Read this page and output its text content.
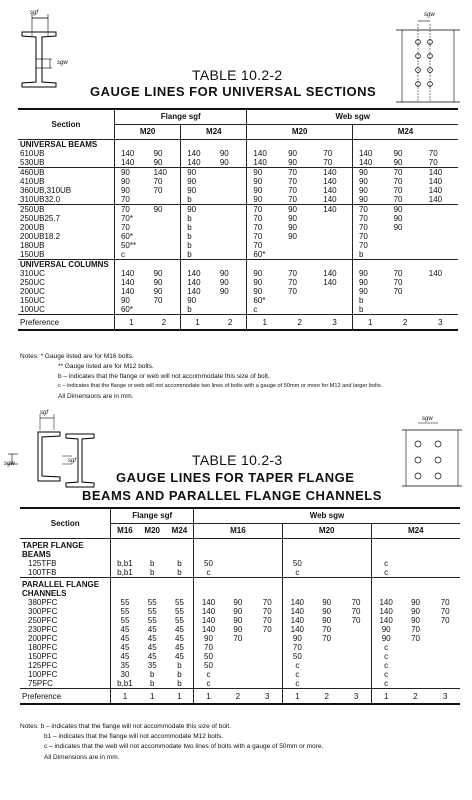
sgf
sgw
sgw
TABLE 10.2-2
GAUGE LINES FOR UNIVERSAL SECTIONS
Section	Flange sgf				Web sgw					
	M20		M24		M20			M24		
UNIVERSAL BEAMS										
610UB	140	90	140	90	140	90	70	140	90	70
530UB	140	90	140	90	140	90	70	140	90	70
460UB	90	140	90		90	70	140	90	70	140
410UB	90	70	90		90	70	140	90	70	140
360UB,310UB	90	70	90		90	70	140	90	70	140
310UB32.0	70		b		90	70	140	90	70	140
250UB	70	90	90		70	90	140	70	90	
250UB25.7	70*		b		70	90		70	90	
200UB	70		b		70	90		70	90	
200UB18.2	60*		b		70	90		70		
180UB	50**		b		70			70		
150UB	c		b		60*			b		
UNIVERSAL COLUMNS										
310UC	140	90	140	90	90	70	140	90	70	140
250UC	140	90	140	90	90	70	140	90	70	
200UC	140	90	140	90	90	70		90	70	
150UC	90	70	90		60*			b		
100UC	60*		b		c			b		
Preference	1	2	1	2	1	2	3	1	2	3
Notes: * Gauge listed are for M16 bolts.
** Gauge listed are for M12 bolts.
b – indicates that the flange or web will not accommodate this size of bolt.
c – indicates that the flange or web will not accommodate two lines of bolts with a gauge of 50mm or more for M12 and larger bolts.
All Dimensions are in mm.
sgf
sgw	sgf
sgw
TABLE 10.2-3
GAUGE LINES FOR TAPER FLANGE
BEAMS AND PARALLEL FLANGE CHANNELS
Section	Flange sgf			Web sgw								
	M16	M20	M24	M16			M20			M24		
TAPER FLANGE
BEAMS												
125TFB	b,b1	b	b	50			50			c		
100TFB	b,b1	b	b	c			c			c		
PARALLEL FLANGE
CHANNELS												
380PFC	55	55	55	140	90	70	140	90	70	140	90	70
300PFC	55	55	55	140	90	70	140	90	70	140	90	70
250PFC	55	55	55	140	90	70	140	90	70	140	90	70
230PFC	45	45	45	140	90	70	140	70		90	70	
200PFC	45	45	45	90	70		90	70		90	70	
180PFC	45	45	45	70			70			c		
150PFC	45	45	45	50			50			c		
125PFC	35	35	b	50			c			c		
100PFC	30	b	b	c			c			c		
75PFC	b,b1	b	b	c			c			c		
Preference	1	1	1	1	2	3	1	2	3	1	2	3
Notes: b – indicates that the flange will not accommodate this size of bolt.
b1 – indicates that the flange will not accommodate M12 bolts.
c – indicates that the web will not accommodate two lines of bolts with a gauge of 50mm or more.
All Dimensions are in mm.
